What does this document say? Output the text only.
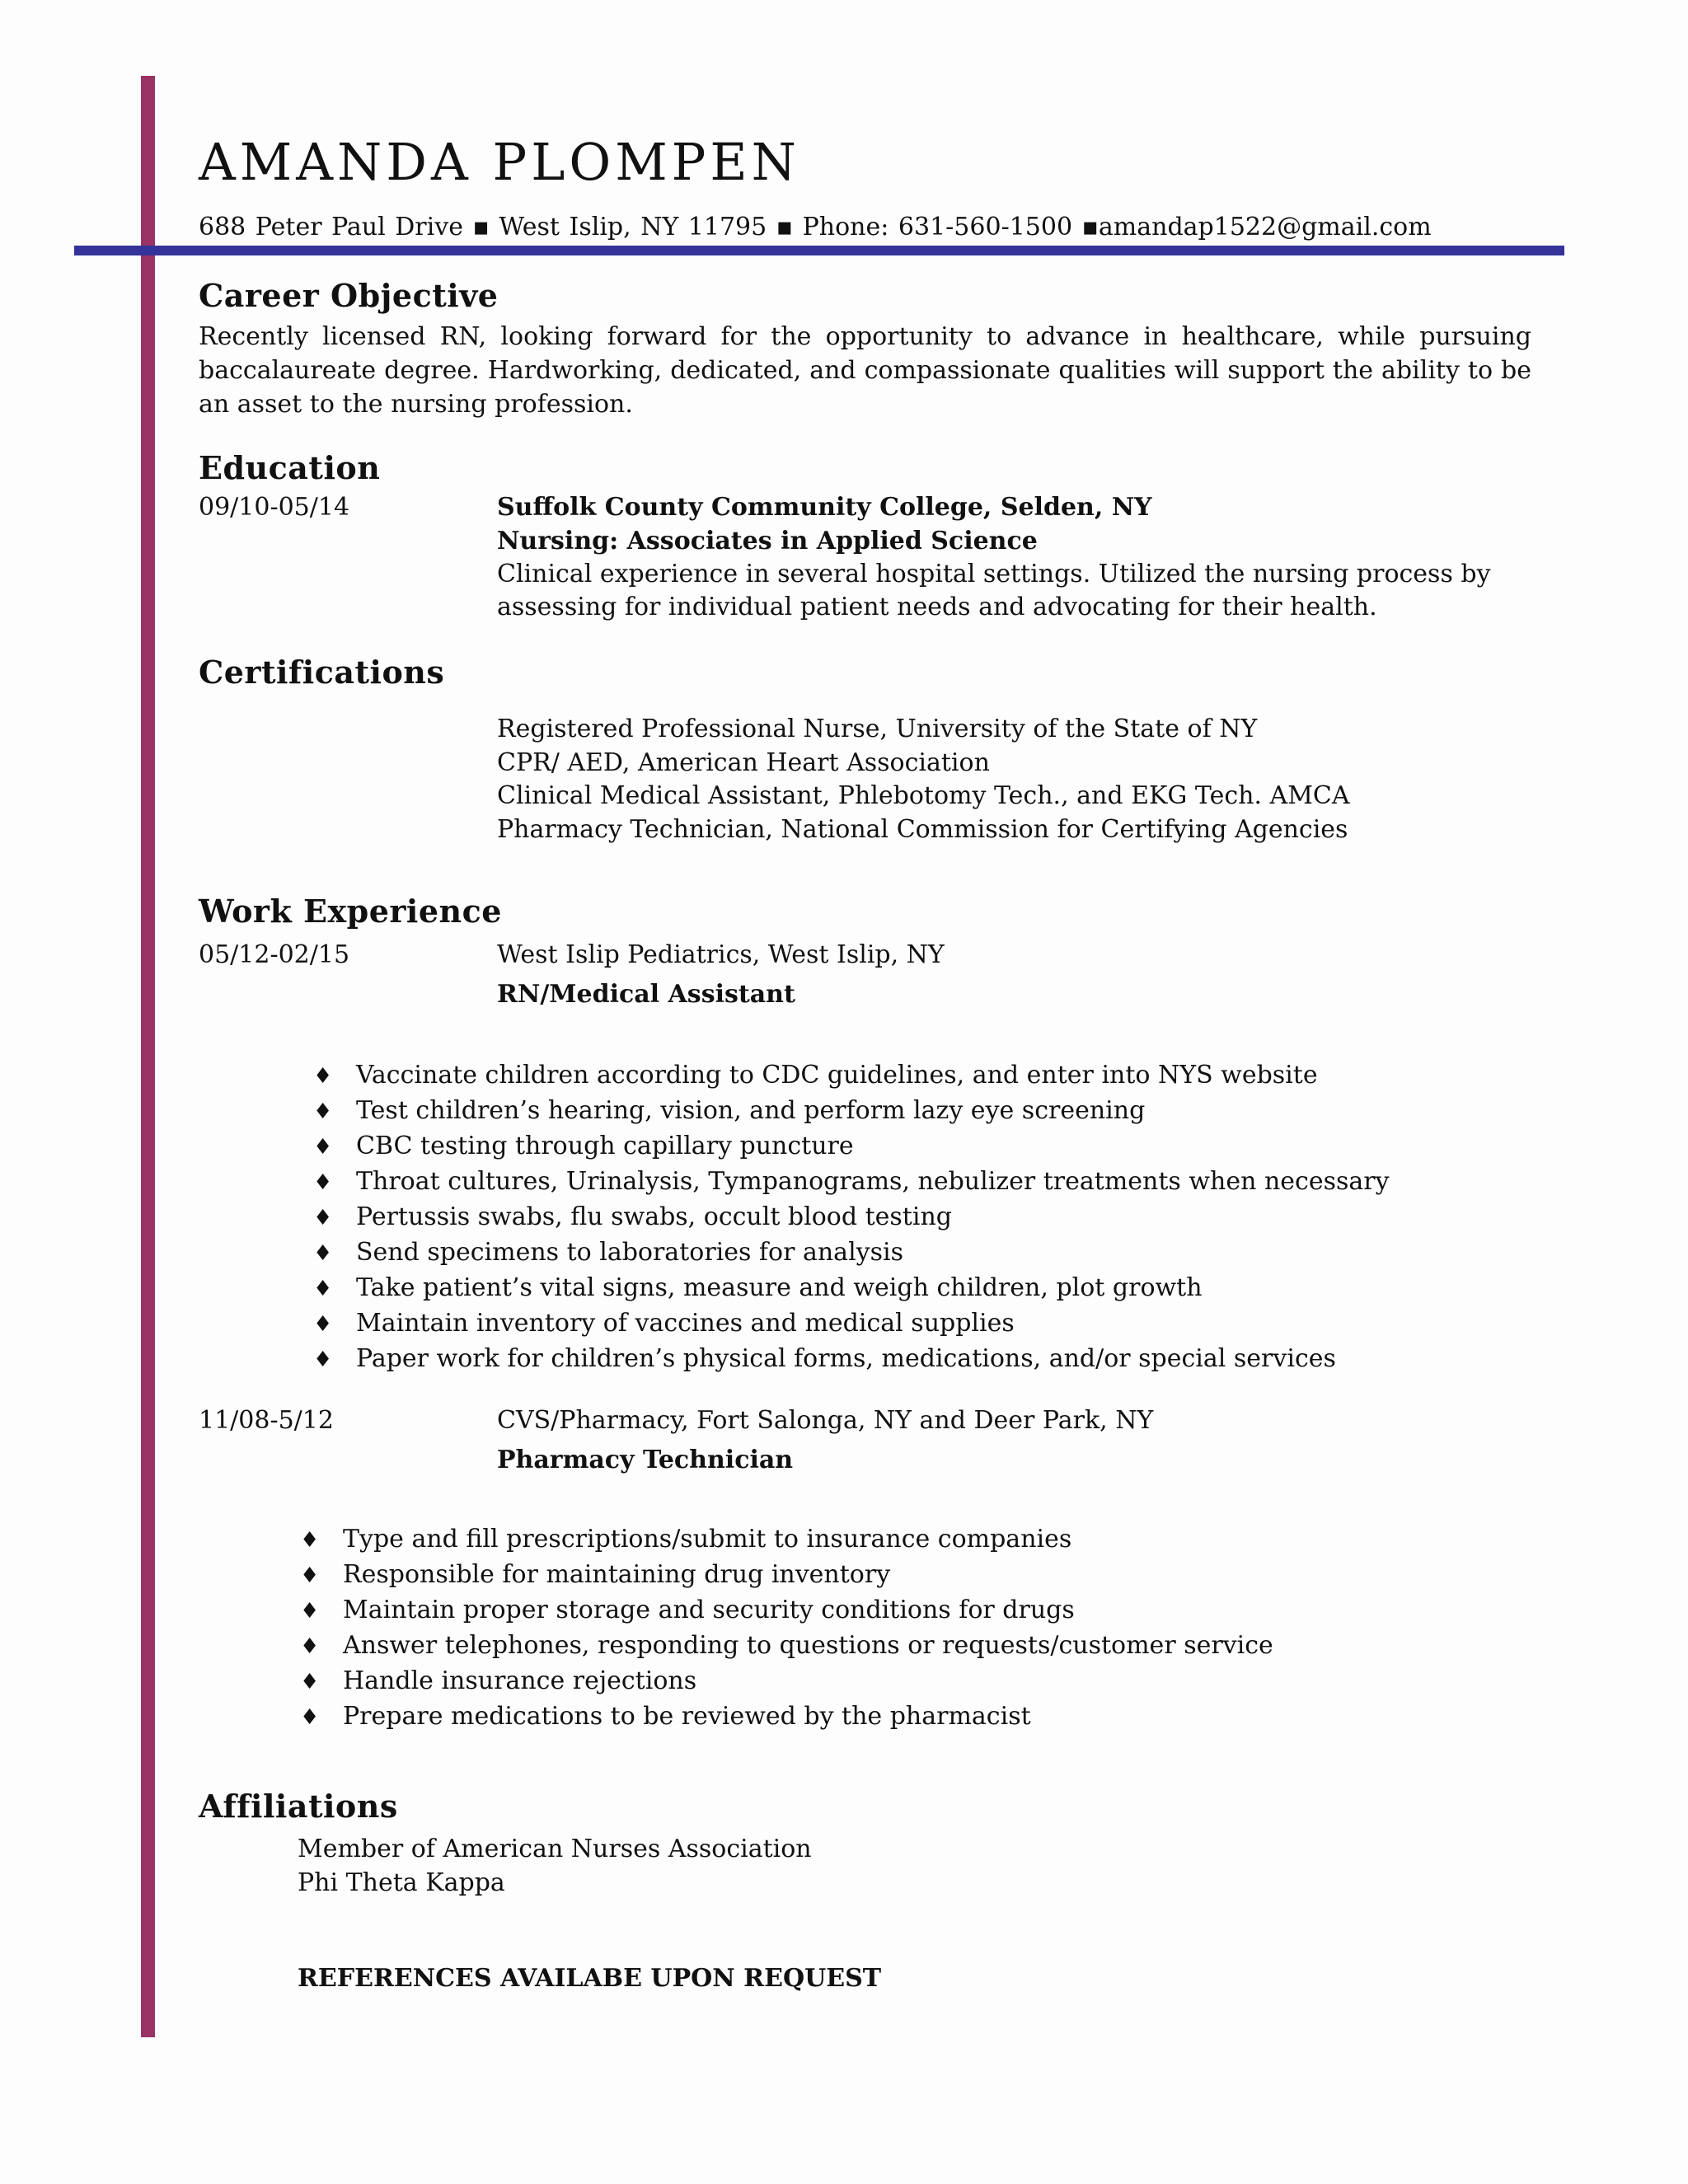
AMANDA PLOMPEN
688 Peter Paul Drive ▪ West Islip, NY 11795 ▪ Phone: 631-560-1500 ▪amandap1522@gmail.com
Career Objective
Recently licensed RN, looking forward for the opportunity to advance in healthcare, while pursuing baccalaureate degree. Hardworking, dedicated, and compassionate qualities will support the ability to be an asset to the nursing profession.
Education
09/10-05/14	Suffolk County Community College, Selden, NY
Nursing: Associates in Applied Science
Clinical experience in several hospital settings. Utilized the nursing process by
assessing for individual patient needs and advocating for their health.
Certifications
Registered Professional Nurse, University of the State of NY
CPR/ AED, American Heart Association
Clinical Medical Assistant, Phlebotomy Tech., and EKG Tech. AMCA
Pharmacy Technician, National Commission for Certifying Agencies
Work Experience
05/12-02/15	West Islip Pediatrics, West Islip, NY
RN/Medical Assistant
♦ Vaccinate children according to CDC guidelines, and enter into NYS website
♦ Test children’s hearing, vision, and perform lazy eye screening
♦ CBC testing through capillary puncture
♦ Throat cultures, Urinalysis, Tympanograms, nebulizer treatments when necessary
♦ Pertussis swabs, flu swabs, occult blood testing
♦ Send specimens to laboratories for analysis
♦ Take patient’s vital signs, measure and weigh children, plot growth
♦ Maintain inventory of vaccines and medical supplies
♦ Paper work for children’s physical forms, medications, and/or special services
11/08-5/12	CVS/Pharmacy, Fort Salonga, NY and Deer Park, NY
Pharmacy Technician
♦ Type and fill prescriptions/submit to insurance companies
♦ Responsible for maintaining drug inventory
♦ Maintain proper storage and security conditions for drugs
♦ Answer telephones, responding to questions or requests/customer service
♦ Handle insurance rejections
♦ Prepare medications to be reviewed by the pharmacist
Affiliations
Member of American Nurses Association
Phi Theta Kappa
REFERENCES AVAILABE UPON REQUEST
